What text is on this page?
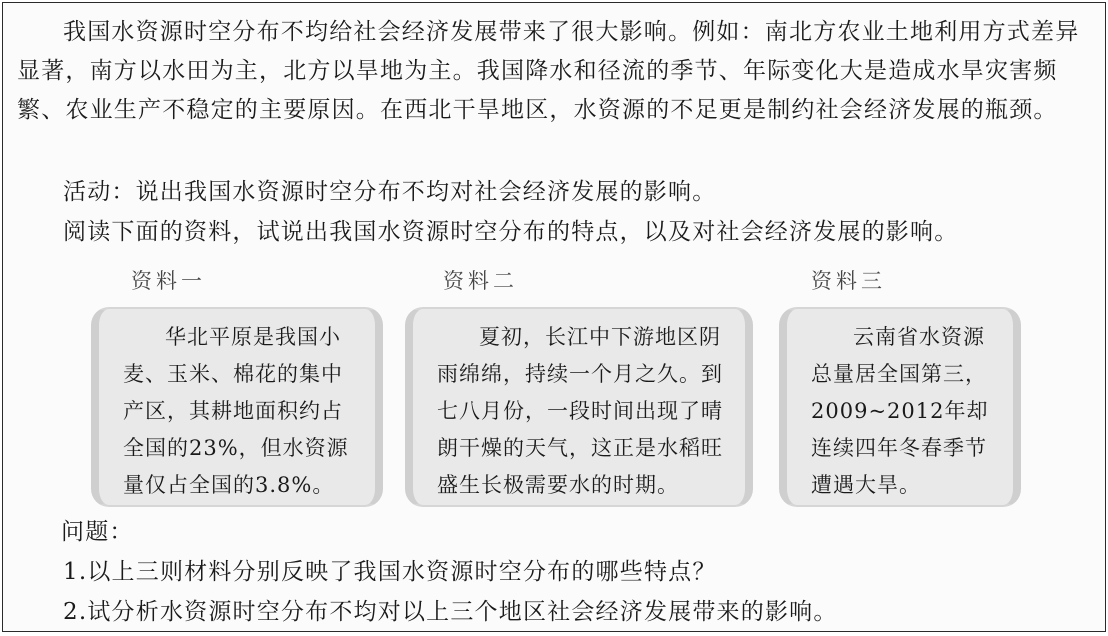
我国水资源时空分布不均给社会经济发展带来了很大影响。例如：南北方农业土地利用方式差异显著，南方以水田为主，北方以旱地为主。我国降水和径流的季节、年际变化大是造成水旱灾害频繁、农业生产不稳定的主要原因。在西北干旱地区，水资源的不足更是制约社会经济发展的瓶颈。

活动：说出我国水资源时空分布不均对社会经济发展的影响。

阅读下面的资料，试说出我国水资源时空分布的特点，以及对社会经济发展的影响。

资料一	资料二	资料三

华北平原是我国小麦、玉米、棉花的集中产区，其耕地面积约占全国的23%，但水资源量仅占全国的3.8%。

夏初，长江中下游地区阴雨绵绵，持续一个月之久。到七八月份，一段时间出现了晴朗干燥的天气，这正是水稻旺盛生长极需要水的时期。

云南省水资源总量居全国第三，2009~2012年却连续四年冬春季节遭遇大旱。

问题：

1.以上三则材料分别反映了我国水资源时空分布的哪些特点？

2.试分析水资源时空分布不均对以上三个地区社会经济发展带来的影响。
